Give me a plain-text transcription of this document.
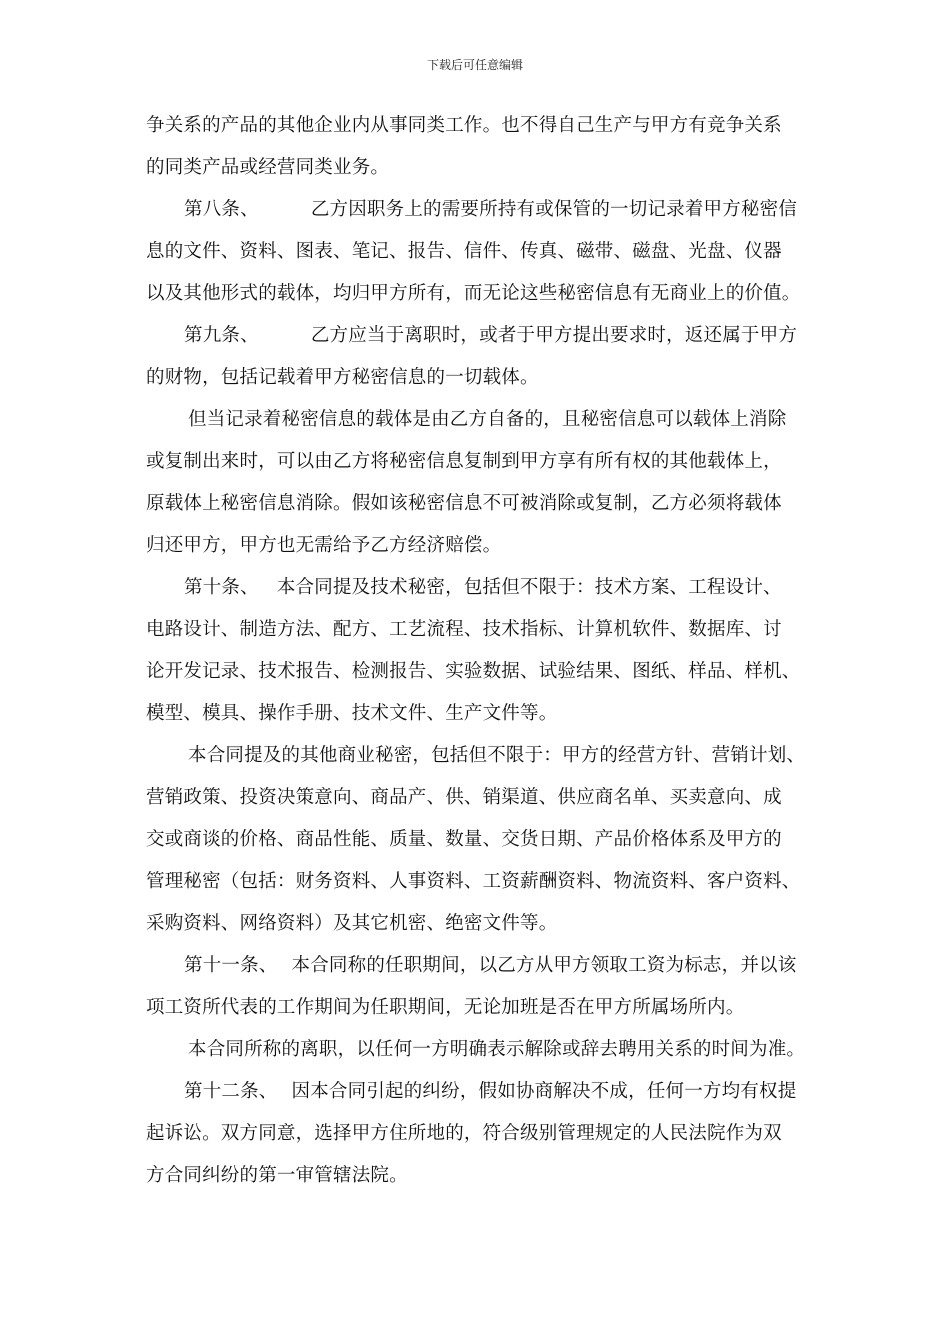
下载后可任意编辑
争关系的产品的其他企业内从事同类工作。也不得自己生产与甲方有竞争关系
的同类产品或经营同类业务。
第八条、	乙方因职务上的需要所持有或保管的一切记录着甲方秘密信
息的文件、资料、图表、笔记、报告、信件、传真、磁带、磁盘、光盘、仪器
以及其他形式的载体，均归甲方所有，而无论这些秘密信息有无商业上的价值。
第九条、	乙方应当于离职时，或者于甲方提出要求时，返还属于甲方
的财物，包括记载着甲方秘密信息的一切载体。
但当记录着秘密信息的载体是由乙方自备的，且秘密信息可以载体上消除
或复制出来时，可以由乙方将秘密信息复制到甲方享有所有权的其他载体上，
原载体上秘密信息消除。假如该秘密信息不可被消除或复制，乙方必须将载体
归还甲方，甲方也无需给予乙方经济赔偿。
第十条、 本合同提及技术秘密，包括但不限于：技术方案、工程设计、
电路设计、制造方法、配方、工艺流程、技术指标、计算机软件、数据库、讨
论开发记录、技术报告、检测报告、实验数据、试验结果、图纸、样品、样机、
模型、模具、操作手册、技术文件、生产文件等。
本合同提及的其他商业秘密，包括但不限于：甲方的经营方针、营销计划、
营销政策、投资决策意向、商品产、供、销渠道、供应商名单、买卖意向、成
交或商谈的价格、商品性能、质量、数量、交货日期、产品价格体系及甲方的
管理秘密（包括：财务资料、人事资料、工资薪酬资料、物流资料、客户资料、
采购资料、网络资料）及其它机密、绝密文件等。
第十一条、 本合同称的任职期间，以乙方从甲方领取工资为标志，并以该
项工资所代表的工作期间为任职期间，无论加班是否在甲方所属场所内。
本合同所称的离职，以任何一方明确表示解除或辞去聘用关系的时间为准。
第十二条、 因本合同引起的纠纷，假如协商解决不成，任何一方均有权提
起诉讼。双方同意，选择甲方住所地的，符合级别管理规定的人民法院作为双
方合同纠纷的第一审管辖法院。
